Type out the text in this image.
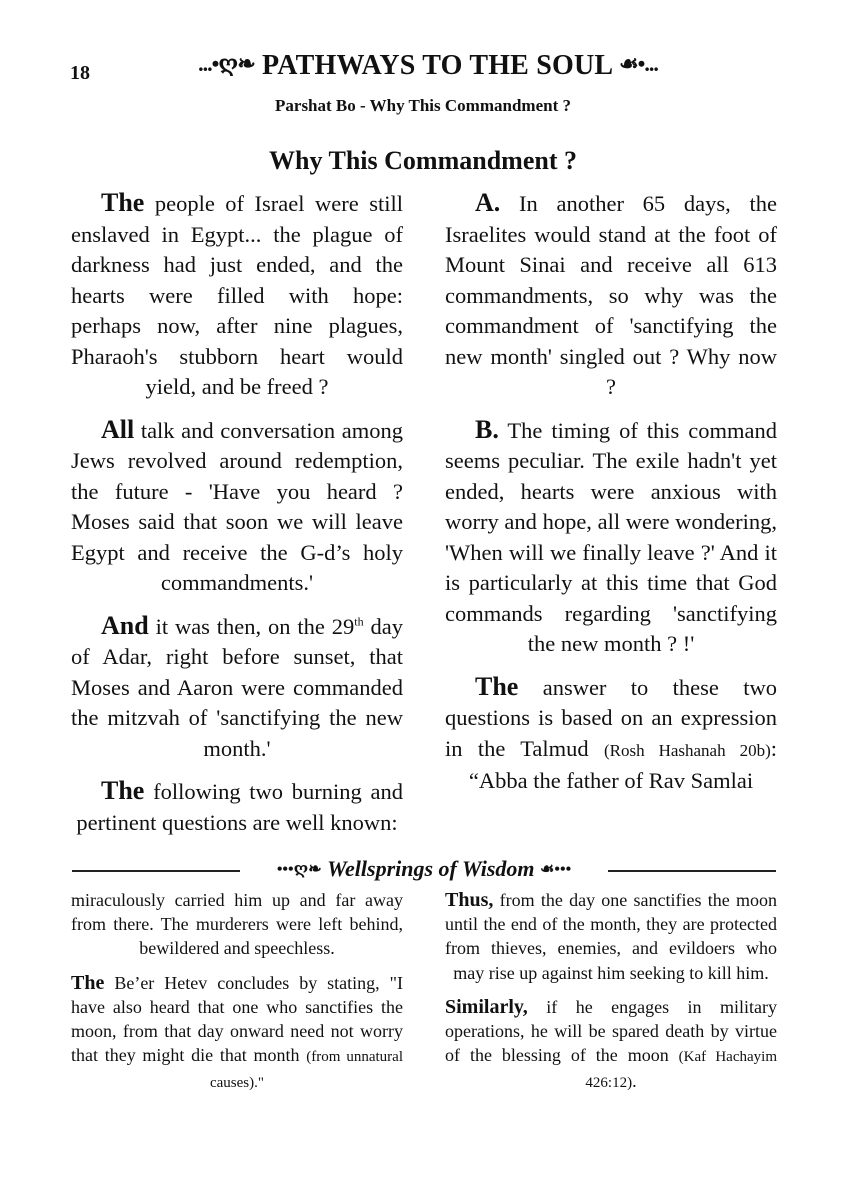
18	...•⁠ღ❧ PATHWAYS TO THE SOUL ☙•...
Parshat Bo - Why This Commandment ?
Why This Commandment ?

The people of Israel were still enslaved in Egypt... the plague of darkness had just ended, and the hearts were filled with hope: perhaps now, after nine plagues, Pharaoh's stubborn heart would yield, and be freed ?

All talk and conversation among Jews revolved around redemption, the future - 'Have you heard ? Moses said that soon we will leave Egypt and receive the G-d’s holy commandments.'

And it was then, on the 29th day of Adar, right before sunset, that Moses and Aaron were commanded the mitzvah of 'sanctifying the new month.'

The following two burning and pertinent questions are well known:

A. In another 65 days, the Israelites would stand at the foot of Mount Sinai and receive all 613 commandments, so why was the commandment of 'sanctifying the new month' singled out ? Why now ?

B. The timing of this command seems peculiar. The exile hadn't yet ended, hearts were anxious with worry and hope, all were wondering, 'When will we finally leave ?' And it is particularly at this time that God commands regarding 'sanctifying the new month ? !'

The answer to these two questions is based on an expression in the Talmud (Rosh Hashanah 20b): “Abba the father of Rav Samlai

•••ღ❧ Wellsprings of Wisdom ☙•••

miraculously carried him up and far away from there. The murderers were left behind, bewildered and speechless.

The Be’er Hetev concludes by stating, "I have also heard that one who sanctifies the moon, from that day onward need not worry that they might die that month (from unnatural causes)."

Thus, from the day one sanctifies the moon until the end of the month, they are protected from thieves, enemies, and evildoers who may rise up against him seeking to kill him.

Similarly, if he engages in military operations, he will be spared death by virtue of the blessing of the moon (Kaf Hachayim 426:12).
